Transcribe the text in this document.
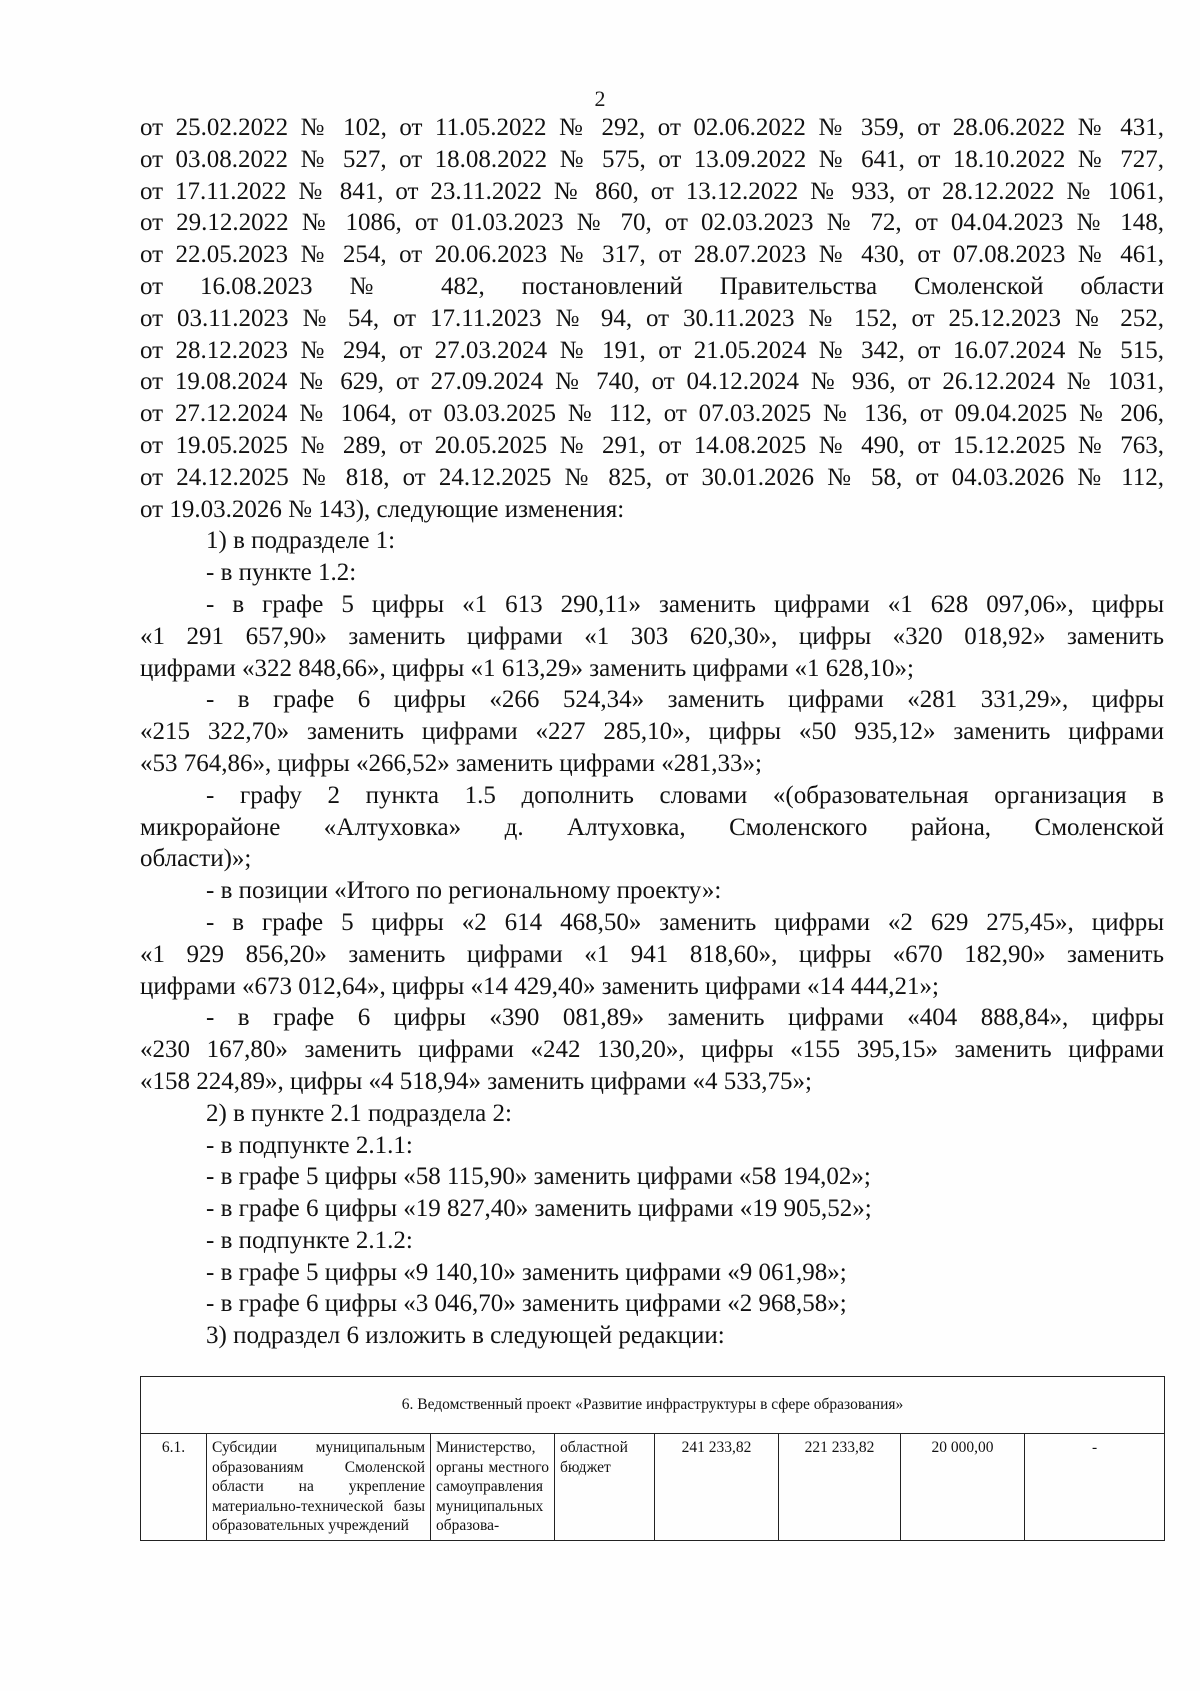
2
от 25.02.2022 № 102, от 11.05.2022 № 292, от 02.06.2022 № 359, от 28.06.2022 № 431,
от 03.08.2022 № 527, от 18.08.2022 № 575, от 13.09.2022 № 641, от 18.10.2022 № 727,
от 17.11.2022 № 841, от 23.11.2022 № 860, от 13.12.2022 № 933, от 28.12.2022 № 1061,
от 29.12.2022 № 1086, от 01.03.2023 № 70, от 02.03.2023 № 72, от 04.04.2023 № 148,
от 22.05.2023 № 254, от 20.06.2023 № 317, от 28.07.2023 № 430, от 07.08.2023 № 461,
от 16.08.2023 № 482, постановлений Правительства Смоленской области
от 03.11.2023 № 54, от 17.11.2023 № 94, от 30.11.2023 № 152, от 25.12.2023 № 252,
от 28.12.2023 № 294, от 27.03.2024 № 191, от 21.05.2024 № 342, от 16.07.2024 № 515,
от 19.08.2024 № 629, от 27.09.2024 № 740, от 04.12.2024 № 936, от 26.12.2024 № 1031,
от 27.12.2024 № 1064, от 03.03.2025 № 112, от 07.03.2025 № 136, от 09.04.2025 № 206,
от 19.05.2025 № 289, от 20.05.2025 № 291, от 14.08.2025 № 490, от 15.12.2025 № 763,
от 24.12.2025 № 818, от 24.12.2025 № 825, от 30.01.2026 № 58, от 04.03.2026 № 112,
от 19.03.2026 № 143), следующие изменения:
1) в подразделе 1:
- в пункте 1.2:
- в графе 5 цифры «1 613 290,11» заменить цифрами «1 628 097,06», цифры
«1 291 657,90» заменить цифрами «1 303 620,30», цифры «320 018,92» заменить
цифрами «322 848,66», цифры «1 613,29» заменить цифрами «1 628,10»;
- в графе 6 цифры «266 524,34» заменить цифрами «281 331,29», цифры
«215 322,70» заменить цифрами «227 285,10», цифры «50 935,12» заменить цифрами
«53 764,86», цифры «266,52» заменить цифрами «281,33»;
- графу 2 пункта 1.5 дополнить словами «(образовательная организация в
микрорайоне «Алтуховка» д. Алтуховка, Смоленского района, Смоленской
области)»;
- в позиции «Итого по региональному проекту»:
- в графе 5 цифры «2 614 468,50» заменить цифрами «2 629 275,45», цифры
«1 929 856,20» заменить цифрами «1 941 818,60», цифры «670 182,90» заменить
цифрами «673 012,64», цифры «14 429,40» заменить цифрами «14 444,21»;
- в графе 6 цифры «390 081,89» заменить цифрами «404 888,84», цифры
«230 167,80» заменить цифрами «242 130,20», цифры «155 395,15» заменить цифрами
«158 224,89», цифры «4 518,94» заменить цифрами «4 533,75»;
2) в пункте 2.1 подраздела 2:
- в подпункте 2.1.1:
- в графе 5 цифры «58 115,90» заменить цифрами «58 194,02»;
- в графе 6 цифры «19 827,40» заменить цифрами «19 905,52»;
- в подпункте 2.1.2:
- в графе 5 цифры «9 140,10» заменить цифрами «9 061,98»;
- в графе 6 цифры «3 046,70» заменить цифрами «2 968,58»;
3) подраздел 6 изложить в следующей редакции:
6. Ведомственный проект «Развитие инфраструктуры в сфере образования»
6.1.	Субсидии муниципальным образованиям Смоленской области на укрепление материально-технической базы образовательных учреждений	Министерство, органы местного самоуправления муниципальных образова-	областной бюджет	241 233,82	221 233,82	20 000,00	-
